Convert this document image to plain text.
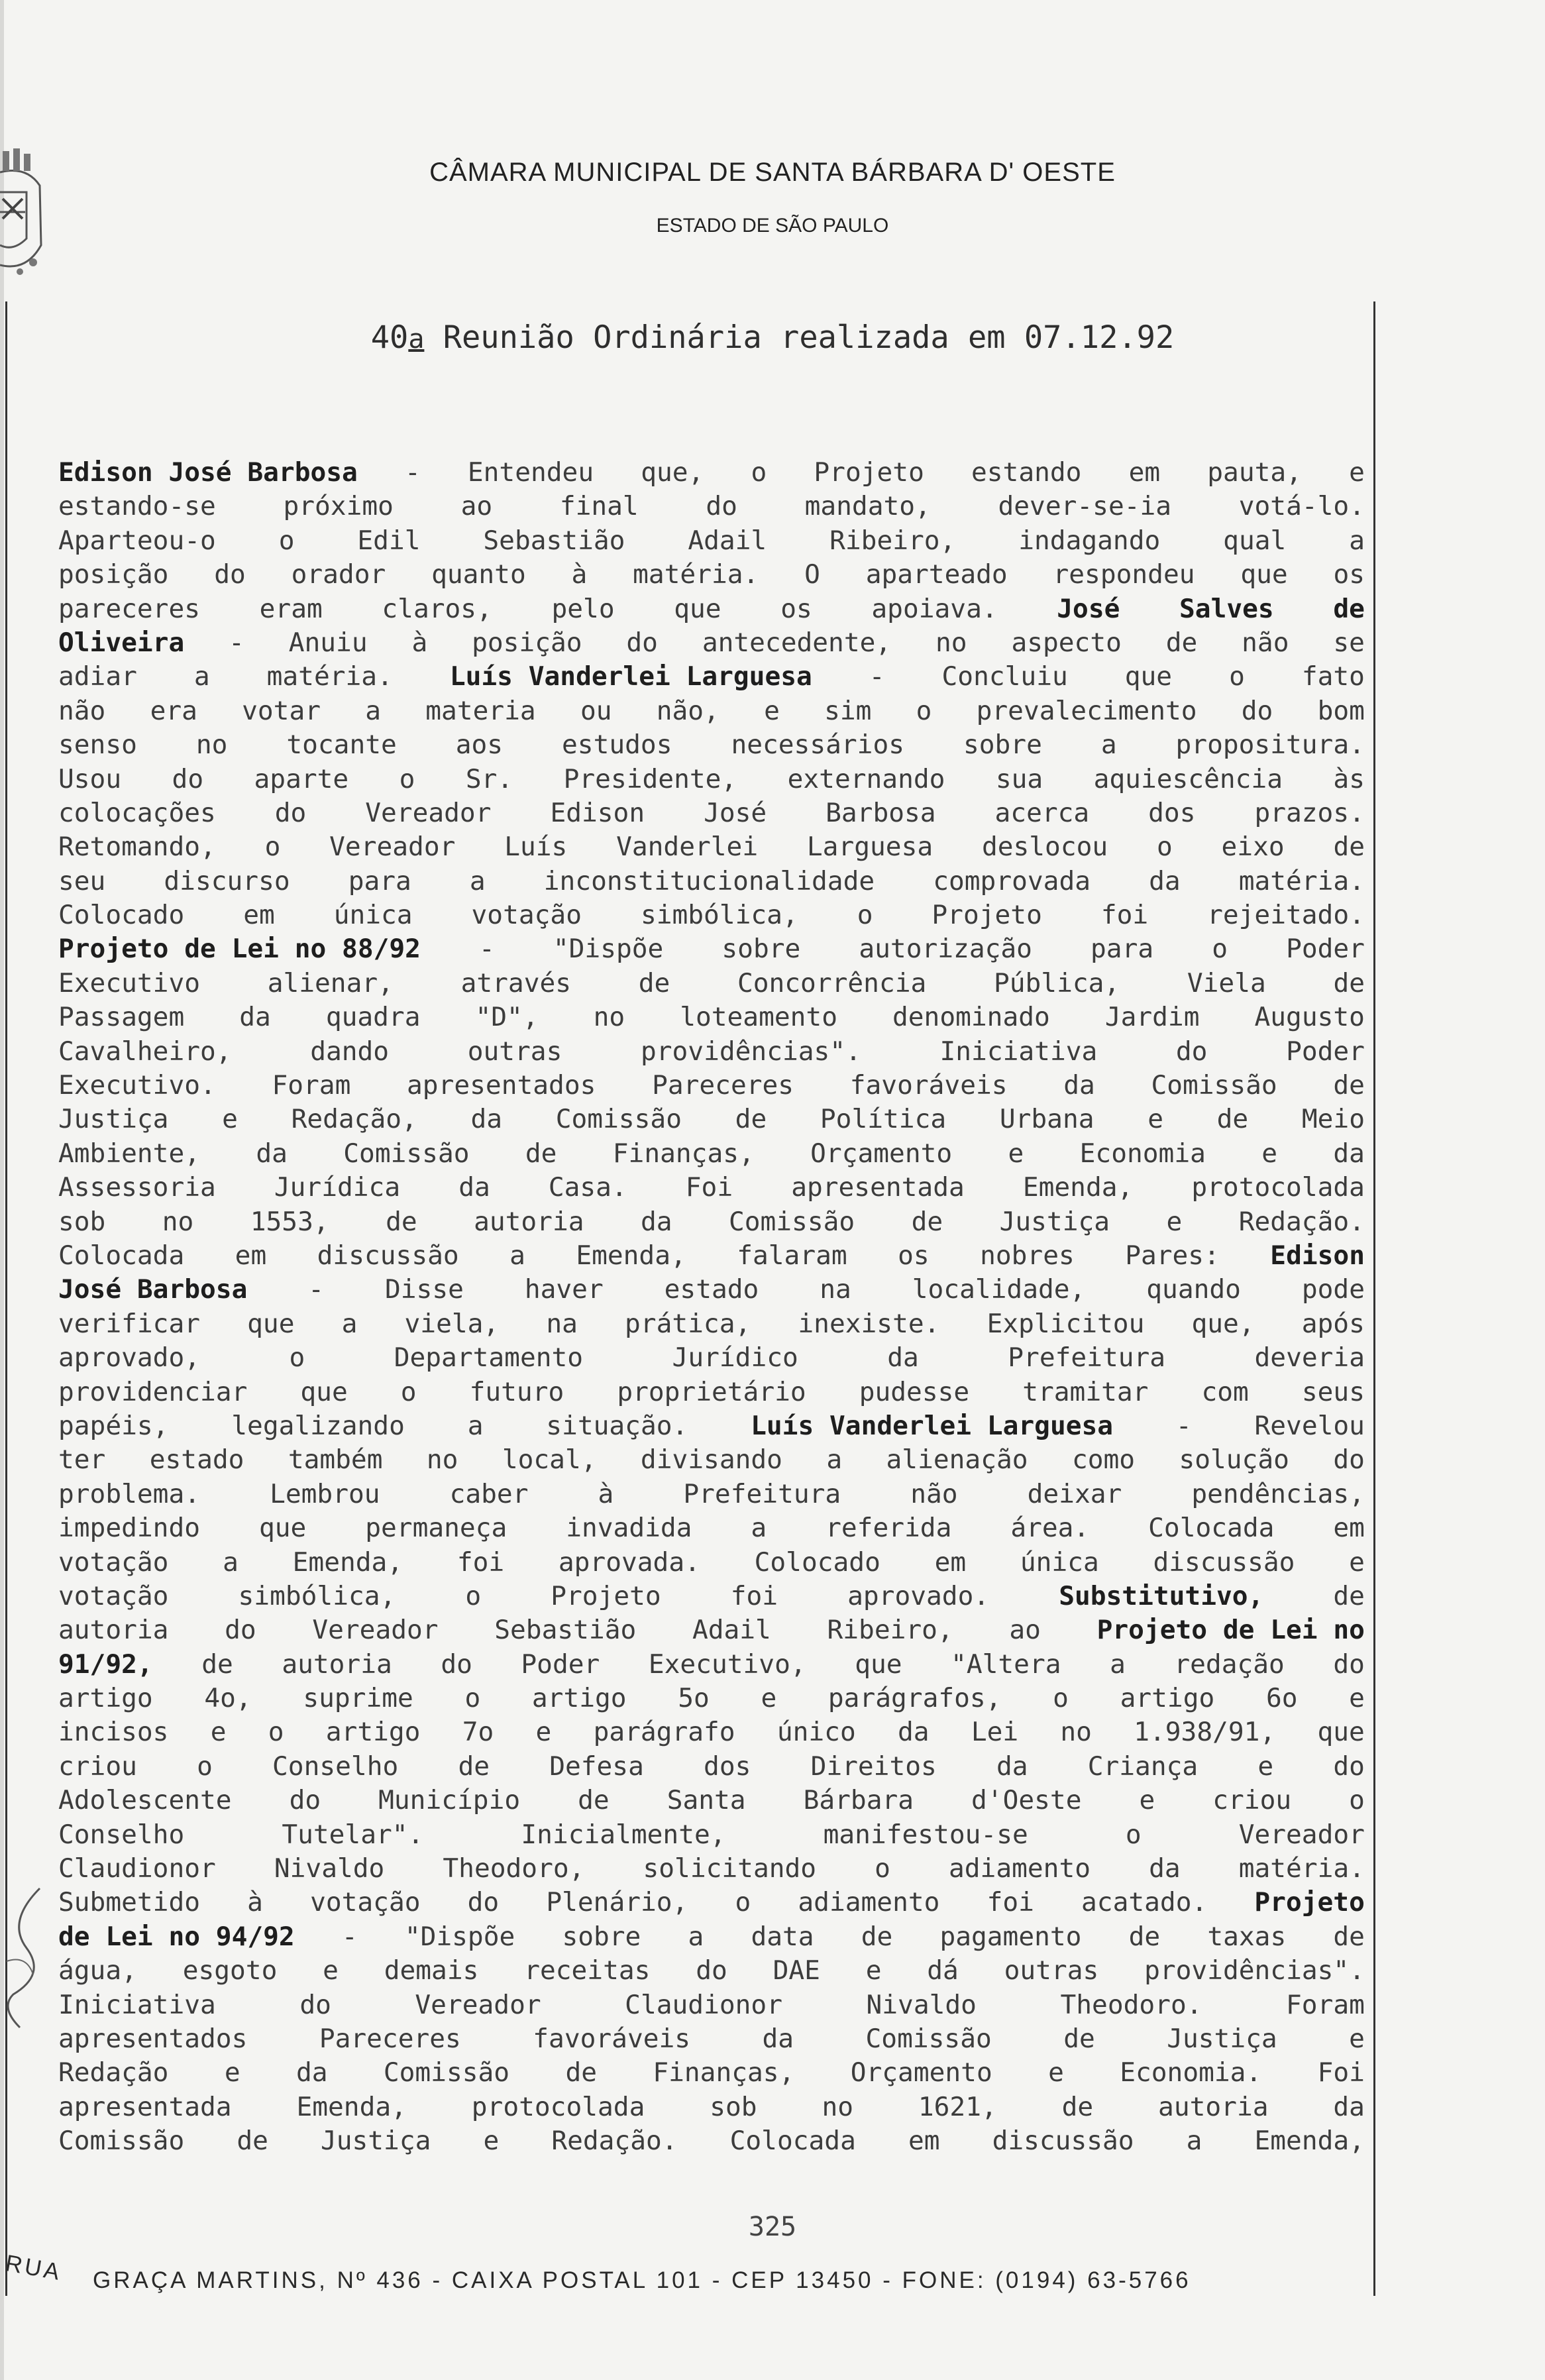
CÂMARA MUNICIPAL DE SANTA BÁRBARA D' OESTE
ESTADO DE SÃO PAULO
40a Reunião Ordinária realizada em 07.12.92
Edison José Barbosa - Entendeu que, o Projeto estando em pauta, e
estando-se	próximo	ao	final	do	mandato,	dever-se-ia	votá-lo.
Aparteou-o o Edil Sebastião Adail Ribeiro, indagando qual a
posição do orador quanto à matéria. O aparteado respondeu que os
pareceres eram claros, pelo que os apoiava. José Salves de
Oliveira - Anuiu à posição do antecedente, no aspecto de não se
adiar a matéria. Luís Vanderlei Larguesa - Concluiu que o fato
não era votar a materia ou não, e sim o prevalecimento do bom
senso no tocante aos estudos necessários sobre a propositura.
Usou do aparte o Sr. Presidente, externando sua aquiescência às
colocações do Vereador Edison José Barbosa acerca dos prazos.
Retomando, o Vereador Luís Vanderlei Larguesa deslocou o eixo de
seu discurso para a inconstitucionalidade comprovada da matéria.
Colocado em única votação simbólica, o Projeto foi rejeitado.
Projeto de Lei no 88/92 - "Dispõe sobre autorização para o Poder
Executivo	alienar,	através	de	Concorrência	Pública,	Viela	de
Passagem da quadra "D", no loteamento denominado Jardim Augusto
Cavalheiro,	dando	outras	providências".	Iniciativa	do	Poder
Executivo. Foram apresentados Pareceres favoráveis da Comissão de
Justiça e Redação, da Comissão de Política Urbana e de Meio
Ambiente, da Comissão de Finanças, Orçamento e Economia e da
Assessoria Jurídica da Casa. Foi apresentada Emenda, protocolada
sob no 1553, de autoria da Comissão de Justiça e Redação.
Colocada em discussão a Emenda, falaram os nobres Pares: Edison
José Barbosa - Disse haver estado na localidade, quando pode
verificar que a viela, na prática, inexiste. Explicitou que, após
aprovado,	o	Departamento	Jurídico	da	Prefeitura	deveria
providenciar que o futuro proprietário pudesse tramitar com seus
papéis, legalizando a situação. Luís Vanderlei Larguesa - Revelou
ter estado também no local, divisando a alienação como solução do
problema.	Lembrou	caber	à	Prefeitura	não	deixar	pendências,
impedindo que permaneça invadida a referida área. Colocada em
votação a Emenda, foi aprovada. Colocado em única discussão e
votação	simbólica,	o	Projeto	foi	aprovado.	Substitutivo,	de
autoria do Vereador Sebastião Adail Ribeiro, ao Projeto de Lei no
91/92, de autoria do Poder Executivo, que "Altera a redação do
artigo 4o, suprime o artigo 5o e parágrafos, o artigo 6o e
incisos e o artigo 7o e parágrafo único da Lei no 1.938/91, que
criou o Conselho de Defesa dos Direitos da Criança e do
Adolescente do Município de Santa Bárbara d'Oeste e criou o
Conselho	Tutelar".	Inicialmente,	manifestou-se	o	Vereador
Claudionor Nivaldo Theodoro, solicitando o adiamento da matéria.
Submetido à votação do Plenário, o adiamento foi acatado. Projeto
de Lei no 94/92 - "Dispõe sobre a data de pagamento de taxas de
água, esgoto e demais receitas do DAE e dá outras providências".
Iniciativa	do	Vereador	Claudionor	Nivaldo	Theodoro.	Foram
apresentados	Pareceres	favoráveis	da	Comissão	de	Justiça	e
Redação e da Comissão de Finanças, Orçamento e Economia. Foi
apresentada Emenda, protocolada sob no 1621, de autoria da
Comissão de Justiça e Redação. Colocada em discussão a Emenda,
325
RUA GRAÇA MARTINS, Nº 436 - CAIXA POSTAL 101 - CEP 13450 - FONE: (0194) 63-5766
